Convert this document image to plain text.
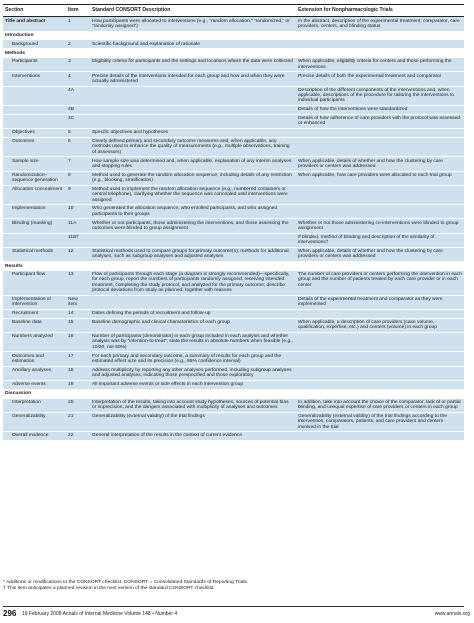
Section	Item	Standard CONSORT Description	Extension for Nonpharmacologic Trials
Title and abstract	1	How participants were allocated to interventions (e.g., “random allocation,” “randomized,” or “randomly assigned”)	In the abstract, description of the experimental treatment, comparator, care providers, centers, and blinding status
Introduction			
Background	2	Scientific background and explanation of rationale	
Methods			
Participants	3	Eligibility criteria for participants and the settings and locations where the data were collected	When applicable, eligibility criteria for centers and those performing the interventions
Interventions	4	Precise details of the interventions intended for each group and how and when they were actually administered	Precise details of both the experimental treatment and comparator
	4A		Description of the different components of the interventions and, when applicable, descriptions of the procedure for tailoring the interventions to individual participants
	4B		Details of how the interventions were standardized
	4C		Details of how adherence of care providers with the protocol was assessed or enhanced
Objectives	5	Specific objectives and hypotheses	
Outcomes	6	Clearly defined primary and secondary outcome measures and, when applicable, any methods used to enhance the quality of measurements (e.g., multiple observations, training of assessors)	
Sample size	7	How sample size was determined and, when applicable, explanation of any interim analyses and stopping rules	When applicable, details of whether and how the clustering by care providers or centers was addressed
Randomization–sequence generation	8	Method used to generate the random allocation sequence, including details of any restriction (e.g., blocking, stratification)	When applicable, how care providers were allocated to each trial group
Allocation concealment	9	Method used to implement the random allocation sequence (e.g., numbered containers or central telephone), clarifying whether the sequence was concealed until interventions were assigned	
Implementation	10	Who generated the allocation sequence, who enrolled participants, and who assigned participants to their groups	
Blinding (masking)	11A	Whether or not participants, those administering the interventions, and those assessing the outcomes were blinded to group assignment	Whether or not those administering co-interventions were blinded to group assignment
	11B†		If blinded, method of blinding and description of the similarity of interventions†
Statistical methods	12	Statistical methods used to compare groups for primary outcome(s); methods for additional analyses, such as subgroup analyses and adjusted analyses	When applicable, details of whether and how the clustering by care providers or centers was addressed
Results			
Participant flow	13	Flow of participants through each stage (a diagram is strongly recommended)—specifically, for each group, report the numbers of participants randomly assigned, receiving intended treatment, completing the study protocol, and analyzed for the primary outcome; describe protocol deviations from study as planned, together with reasons	The number of care providers or centers performing the intervention in each group and the number of patients treated by each care provider or in each center
Implementation of intervention	New item		Details of the experimental treatment and comparator as they were implemented
Recruitment	14	Dates defining the periods of recruitment and follow-up	
Baseline data	15	Baseline demographic and clinical characteristics of each group	When applicable, a description of care providers (case volume, qualification, expertise, etc.) and centers (volume) in each group
Numbers analyzed	16	Number of participants (denominator) in each group included in each analysis and whether analysis was by “intention-to-treat”; state the results in absolute numbers when feasible (e.g., 10/20, not 50%)	
Outcomes and estimation	17	For each primary and secondary outcome, a summary of results for each group and the estimated effect size and its precision (e.g., 95% confidence interval)	
Ancillary analyses	18	Address multiplicity by reporting any other analyses performed, including subgroup analyses and adjusted analyses, indicating those prespecified and those exploratory	
Adverse events	19	All important adverse events or side effects in each intervention group	
Discussion			
Interpretation	20	Interpretation of the results, taking into account study hypotheses, sources of potential bias or imprecision, and the dangers associated with multiplicity of analyses and outcomes	In addition, take into account the choice of the comparator, lack of or partial blinding, and unequal expertise of care providers or centers in each group
Generalizability	21	Generalizability (external validity) of the trial findings	Generalizability (external validity) of the trial findings according to the intervention, comparators, patients, and care providers and centers involved in the trial
Overall evidence	22	General interpretation of the results in the context of current evidence	

* Additions or modifications to the CONSORT checklist. CONSORT = Consolidated Standards of Reporting Trials.

† This item anticipates a planned revision in the next version of the standard CONSORT checklist.

296 19 February 2008 Annals of Internal Medicine Volume 148 • Number 4	www.annals.org
